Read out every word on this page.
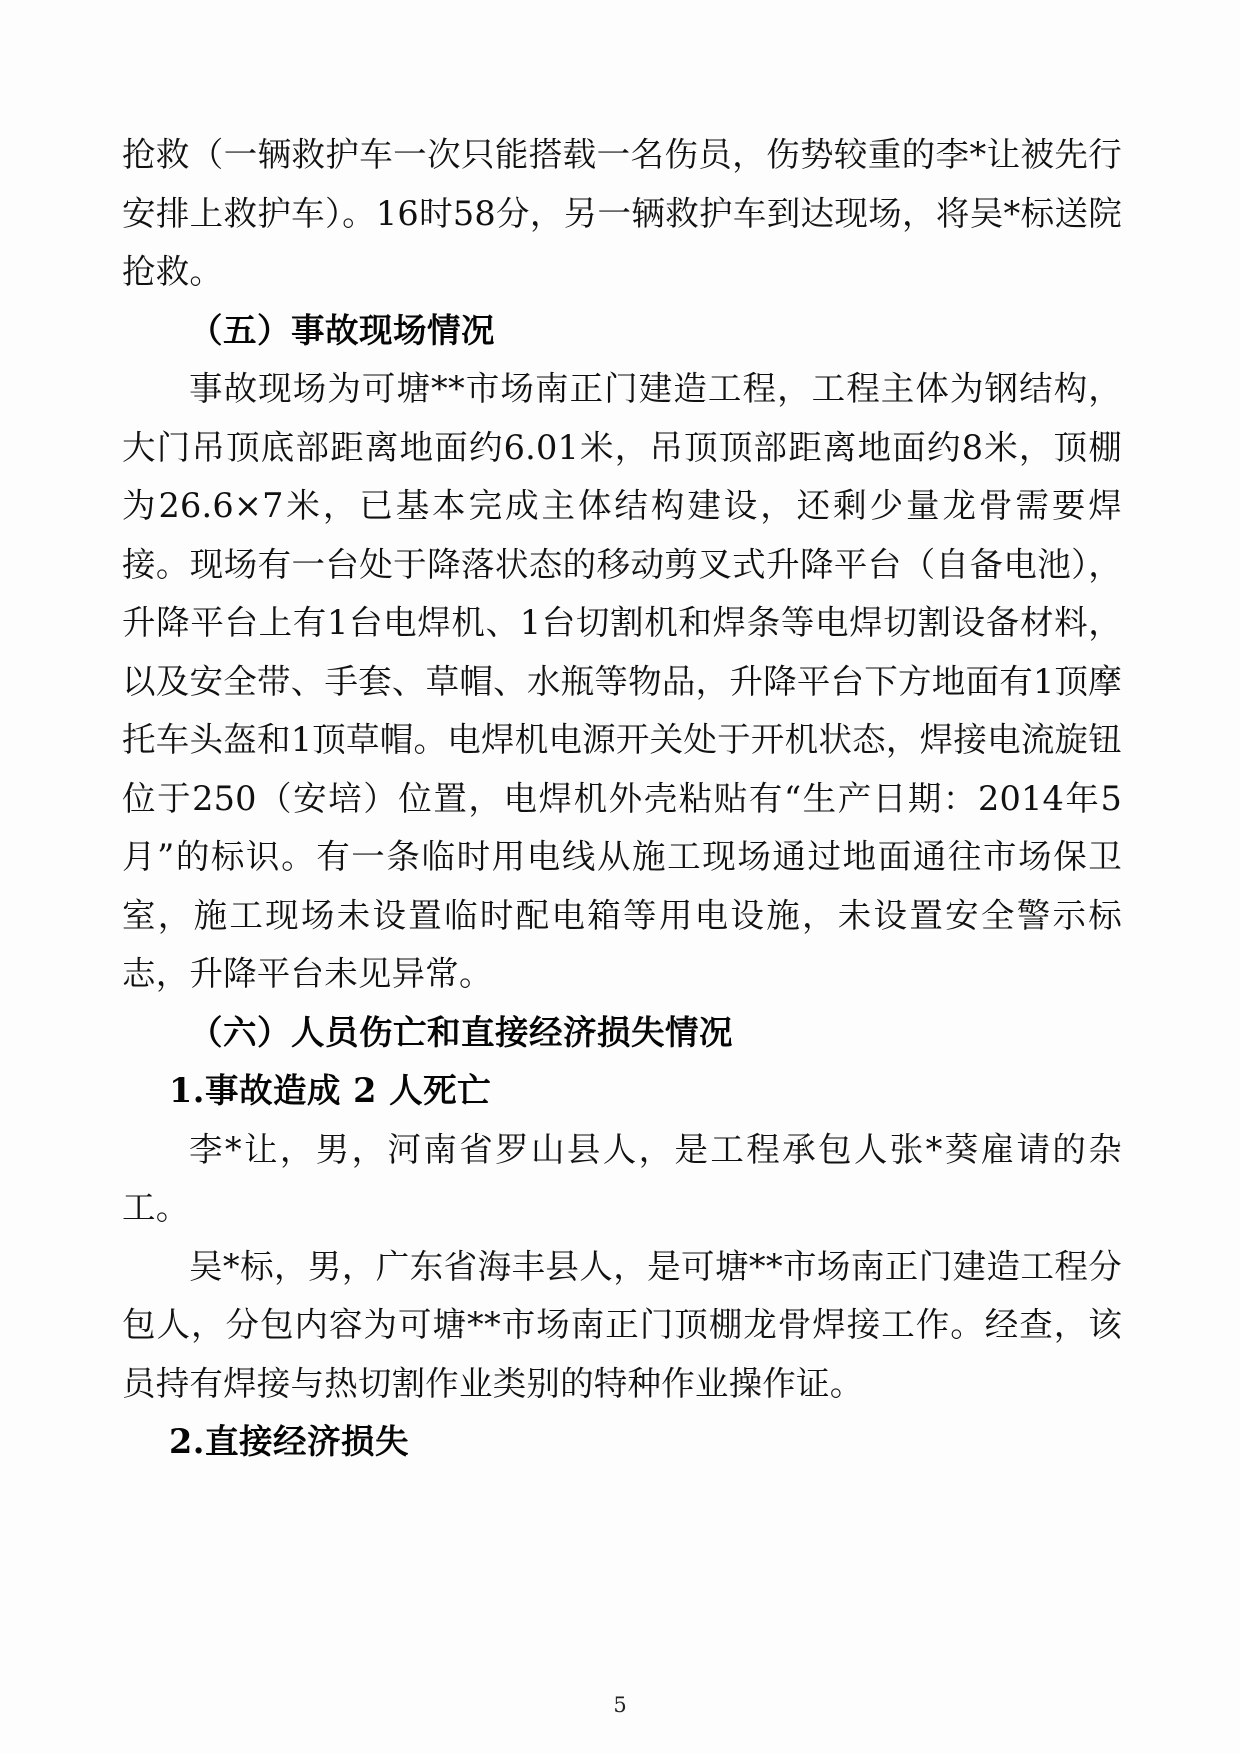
抢救（一辆救护车一次只能搭载一名伤员，伤势较重的李*让被先行安排上救护车）。16时58分，另一辆救护车到达现场，将吴*标送院抢救。

（五）事故现场情况

事故现场为可塘**市场南正门建造工程，工程主体为钢结构，大门吊顶底部距离地面约6.01米，吊顶顶部距离地面约8米，顶棚为26.6×7米，已基本完成主体结构建设，还剩少量龙骨需要焊接。现场有一台处于降落状态的移动剪叉式升降平台（自备电池），升降平台上有1台电焊机、1台切割机和焊条等电焊切割设备材料，以及安全带、手套、草帽、水瓶等物品，升降平台下方地面有1顶摩托车头盔和1顶草帽。电焊机电源开关处于开机状态，焊接电流旋钮位于250（安培）位置，电焊机外壳粘贴有“生产日期：2014年5月”的标识。有一条临时用电线从施工现场通过地面通往市场保卫室，施工现场未设置临时配电箱等用电设施，未设置安全警示标志，升降平台未见异常。

（六）人员伤亡和直接经济损失情况
1.事故造成 2 人死亡

李*让，男，河南省罗山县人，是工程承包人张*葵雇请的杂工。

吴*标，男，广东省海丰县人，是可塘**市场南正门建造工程分包人，分包内容为可塘**市场南正门顶棚龙骨焊接工作。经查，该员持有焊接与热切割作业类别的特种作业操作证。

2.直接经济损失
5
